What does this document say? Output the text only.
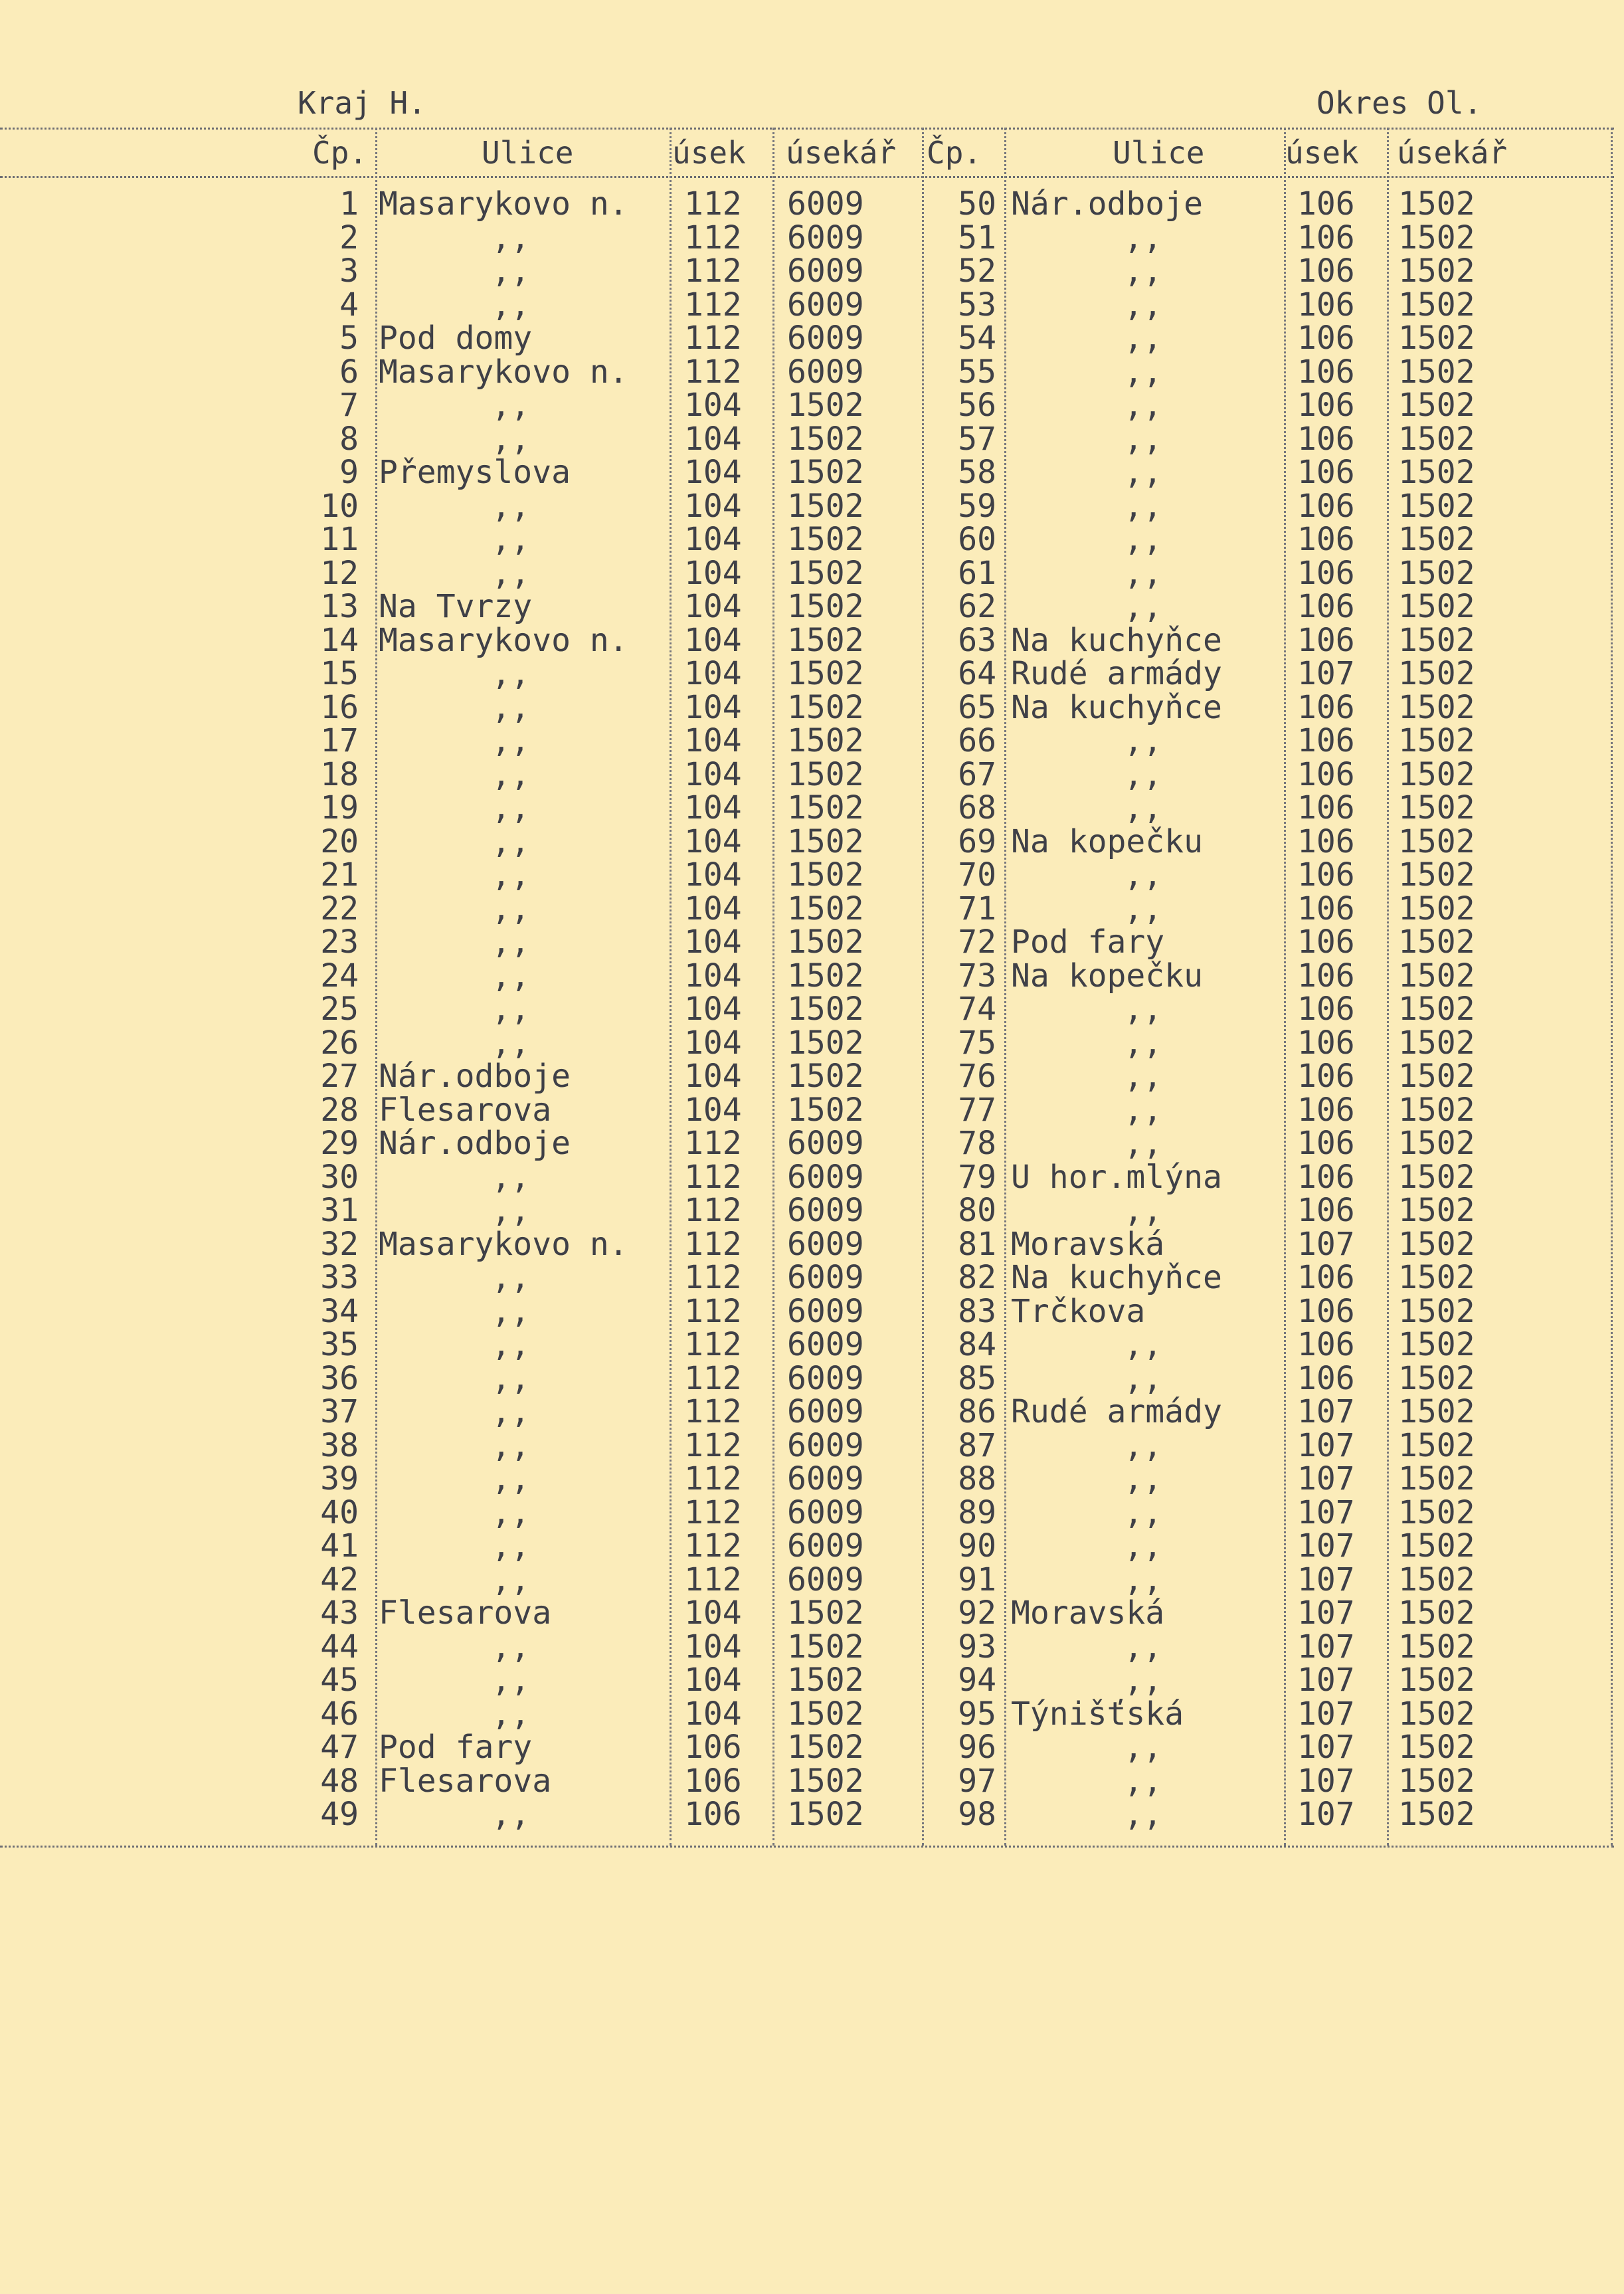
Kraj H.	Okres Ol.
Čp.	Ulice	úsek úsekář Čp.	Ulice	úsek úsekář
1 Masarykovo n.	112	6009	50 Nár.odboje	106	1502
2	,,	112	6009	51	,,	106	1502
3	,,	112	6009	52	,,	106	1502
4	,,	112	6009	53	,,	106	1502
5 Pod domy	112	6009	54	,,	106	1502
6 Masarykovo n.	112	6009	55	,,	106	1502
7	,,	104	1502	56	,,	106	1502
8	,,	104	1502	57	,,	106	1502
9 Přemyslova	104	1502	58	,,	106	1502
10	,,	104	1502	59	,,	106	1502
11	,,	104	1502	60	,,	106	1502
12	,,	104	1502	61	,,	106	1502
13 Na Tvrzy	104	1502	62	,,	106	1502
14 Masarykovo n.	104	1502	63 Na kuchyňce	106	1502
15	,,	104	1502	64 Rudé armády	107	1502
16	,,	104	1502	65 Na kuchyňce	106	1502
17	,,	104	1502	66	,,	106	1502
18	,,	104	1502	67	,,	106	1502
19	,,	104	1502	68	,,	106	1502
20	,,	104	1502	69 Na kopečku	106	1502
21	,,	104	1502	70	,,	106	1502
22	,,	104	1502	71	,,	106	1502
23	,,	104	1502	72 Pod fary	106	1502
24	,,	104	1502	73 Na kopečku	106	1502
25	,,	104	1502	74	,,	106	1502
26	,,	104	1502	75	,,	106	1502
27 Nár.odboje	104	1502	76	,,	106	1502
28 Flesarova	104	1502	77	,,	106	1502
29 Nár.odboje	112	6009	78	,,	106	1502
30	,,	112	6009	79 U hor.mlýna	106	1502
31	,,	112	6009	80	,,	106	1502
32 Masarykovo n.	112	6009	81 Moravská	107	1502
33	,,	112	6009	82 Na kuchyňce	106	1502
34	,,	112	6009	83 Trčkova	106	1502
35	,,	112	6009	84	,,	106	1502
36	,,	112	6009	85	,,	106	1502
37	,,	112	6009	86 Rudé armády	107	1502
38	,,	112	6009	87	,,	107	1502
39	,,	112	6009	88	,,	107	1502
40	,,	112	6009	89	,,	107	1502
41	,,	112	6009	90	,,	107	1502
42	,,	112	6009	91	,,	107	1502
43 Flesarova	104	1502	92 Moravská	107	1502
44	,,	104	1502	93	,,	107	1502
45	,,	104	1502	94	,,	107	1502
46	,,	104	1502	95 Týnišťská	107	1502
47 Pod fary	106	1502	96	,,	107	1502
48 Flesarova	106	1502	97	,,	107	1502
49	,,	106	1502	98	,,	107	1502
